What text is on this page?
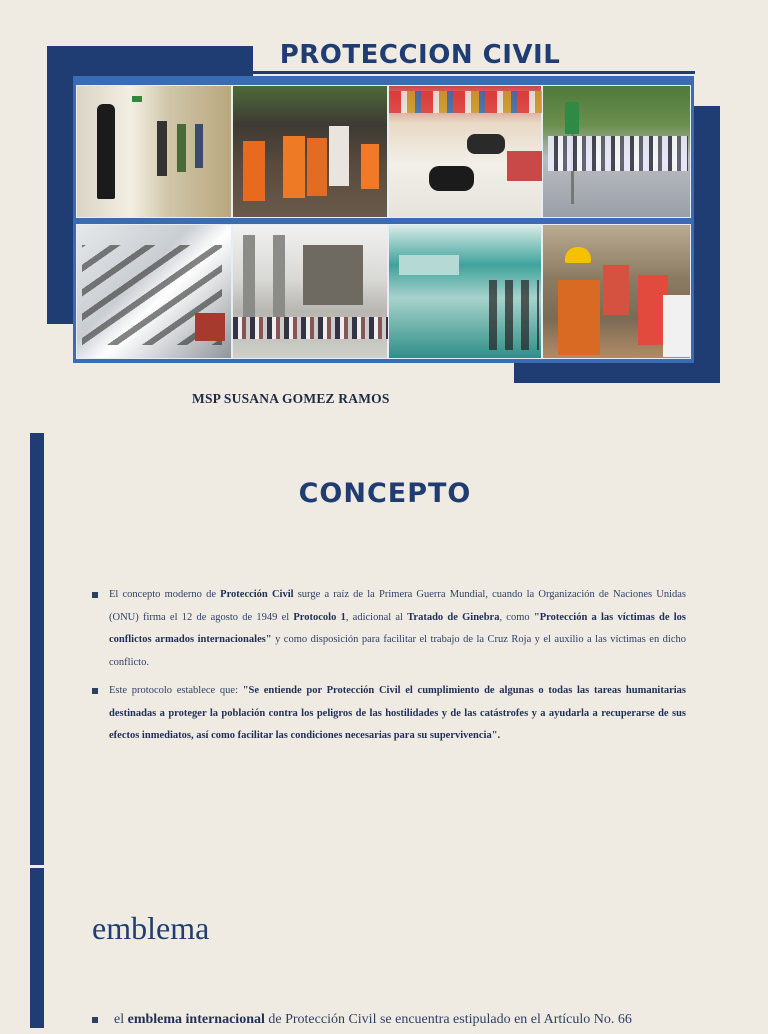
PROTECCION CIVIL
MSP SUSANA GOMEZ RAMOS
CONCEPTO
El concepto moderno de Protección Civil surge a raíz de la Primera Guerra Mundial, cuando la Organización de Naciones Unidas (ONU) firma el 12 de agosto de 1949 el Protocolo 1, adicional al Tratado de Ginebra, como "Protección a las víctimas de los conflictos armados internacionales" y como disposición para facilitar el trabajo de la Cruz Roja y el auxilio a las víctimas en dicho conflicto.
Este protocolo establece que: "Se entiende por Protección Civil el cumplimiento de algunas o todas las tareas humanitarias destinadas a proteger la población contra los peligros de las hostilidades y de las catástrofes y a ayudarla a recuperarse de sus efectos inmediatos, así como facilitar las condiciones necesarias para su supervivencia".
emblema
el emblema internacional de Protección Civil se encuentra estipulado en el Artículo No. 66
